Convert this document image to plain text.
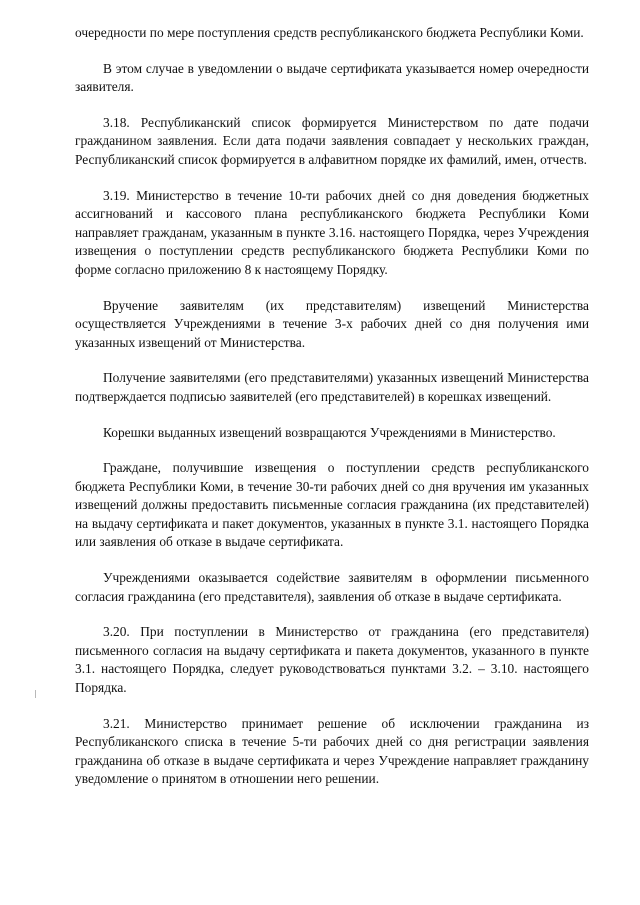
очередности по мере поступления средств республиканского бюджета Республики Коми.

В этом случае в уведомлении о выдаче сертификата указывается номер очередности заявителя.

3.18. Республиканский список формируется Министерством по дате подачи гражданином заявления. Если дата подачи заявления совпадает у нескольких граждан, Республиканский список формируется в алфавитном порядке их фамилий, имен, отчеств.

3.19. Министерство в течение 10-ти рабочих дней со дня доведения бюджетных ассигнований и кассового плана республиканского бюджета Республики Коми направляет гражданам, указанным в пункте 3.16. настоящего Порядка, через Учреждения извещения о поступлении средств республиканского бюджета Республики Коми по форме согласно приложению 8 к настоящему Порядку.

Вручение заявителям (их представителям) извещений Министерства осуществляется Учреждениями в течение 3-х рабочих дней со дня получения ими указанных извещений от Министерства.

Получение заявителями (его представителями) указанных извещений Министерства подтверждается подписью заявителей (его представителей) в корешках извещений.

Корешки выданных извещений возвращаются Учреждениями в Министерство.

Граждане, получившие извещения о поступлении средств республиканского бюджета Республики Коми, в течение 30-ти рабочих дней со дня вручения им указанных извещений должны предоставить письменные согласия гражданина (их представителей) на выдачу сертификата и пакет документов, указанных в пункте 3.1. настоящего Порядка или заявления об отказе в выдаче сертификата.

Учреждениями оказывается содействие заявителям в оформлении письменного согласия гражданина (его представителя), заявления об отказе в выдаче сертификата.

3.20. При поступлении в Министерство от гражданина (его представителя) письменного согласия на выдачу сертификата и пакета документов, указанного в пункте 3.1. настоящего Порядка, следует руководствоваться пунктами 3.2. – 3.10. настоящего Порядка.

3.21. Министерство принимает решение об исключении гражданина из Республиканского списка в течение 5-ти рабочих дней со дня регистрации заявления гражданина об отказе в выдаче сертификата и через Учреждение направляет гражданину уведомление о принятом в отношении него решении.
